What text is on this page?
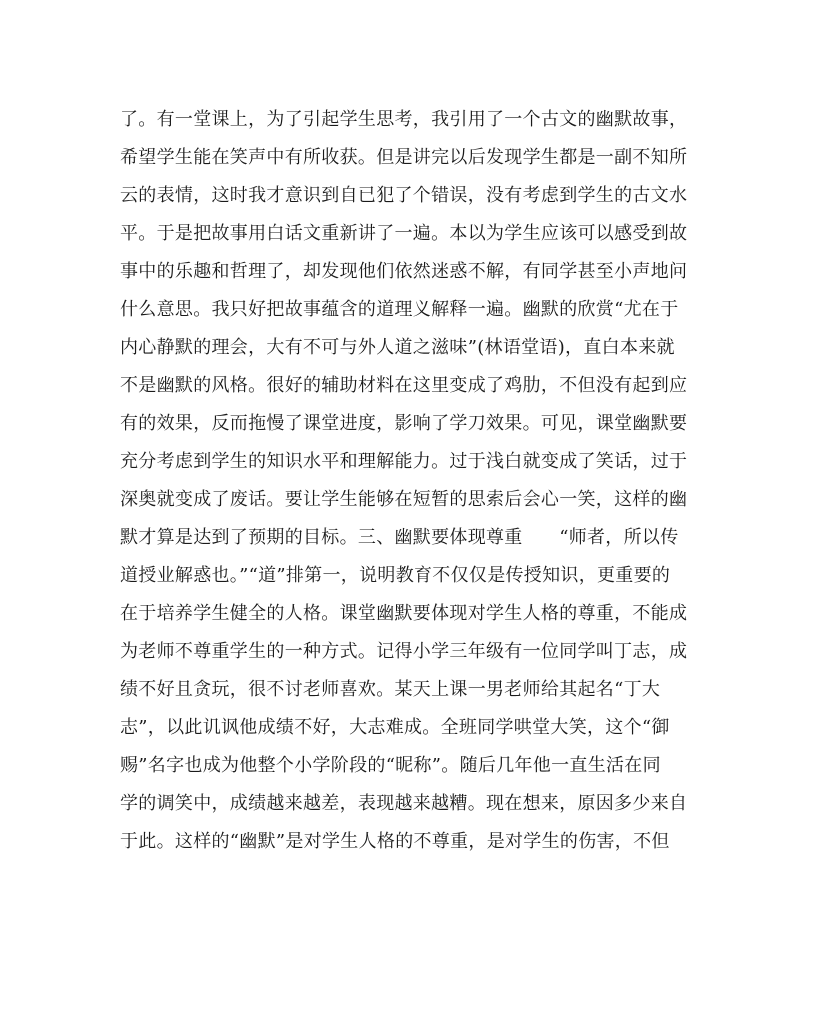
了。有一堂课上，为了引起学生思考，我引用了一个古文的幽默故事，
希望学生能在笑声中有所收获。但是讲完以后发现学生都是一副不知所
云的表情，这时我才意识到自已犯了个错误，没有考虑到学生的古文水
平。于是把故事用白话文重新讲了一遍。本以为学生应该可以感受到故
事中的乐趣和哲理了，却发现他们依然迷惑不解，有同学甚至小声地问
什么意思。我只好把故事蕴含的道理义解释一遍。幽默的欣赏“尤在于
内心静默的理会，大有不可与外人道之滋味”(林语堂语)，直白本来就
不是幽默的风格。很好的辅助材料在这里变成了鸡肋，不但没有起到应
有的效果，反而拖慢了课堂进度，影响了学刀效果。可见，课堂幽默要
充分考虑到学生的知识水平和理解能力。过于浅白就变成了笑话，过于
深奥就变成了废话。要让学生能够在短暂的思索后会心一笑，这样的幽
默才算是达到了预期的目标。三、幽默要体现尊重　　“师者，所以传
道授业解惑也。”“道”排第一，说明教育不仅仅是传授知识，更重要的
在于培养学生健全的人格。课堂幽默要体现对学生人格的尊重，不能成
为老师不尊重学生的一种方式。记得小学三年级有一位同学叫丁志，成
绩不好且贪玩，很不讨老师喜欢。某天上课一男老师给其起名“丁大
志”，以此讥讽他成绩不好，大志难成。全班同学哄堂大笑，这个“御
赐”名字也成为他整个小学阶段的“昵称”。随后几年他一直生活在同
学的调笑中，成绩越来越差，表现越来越糟。现在想来，原因多少来自
于此。这样的“幽默”是对学生人格的不尊重，是对学生的伤害，不但
